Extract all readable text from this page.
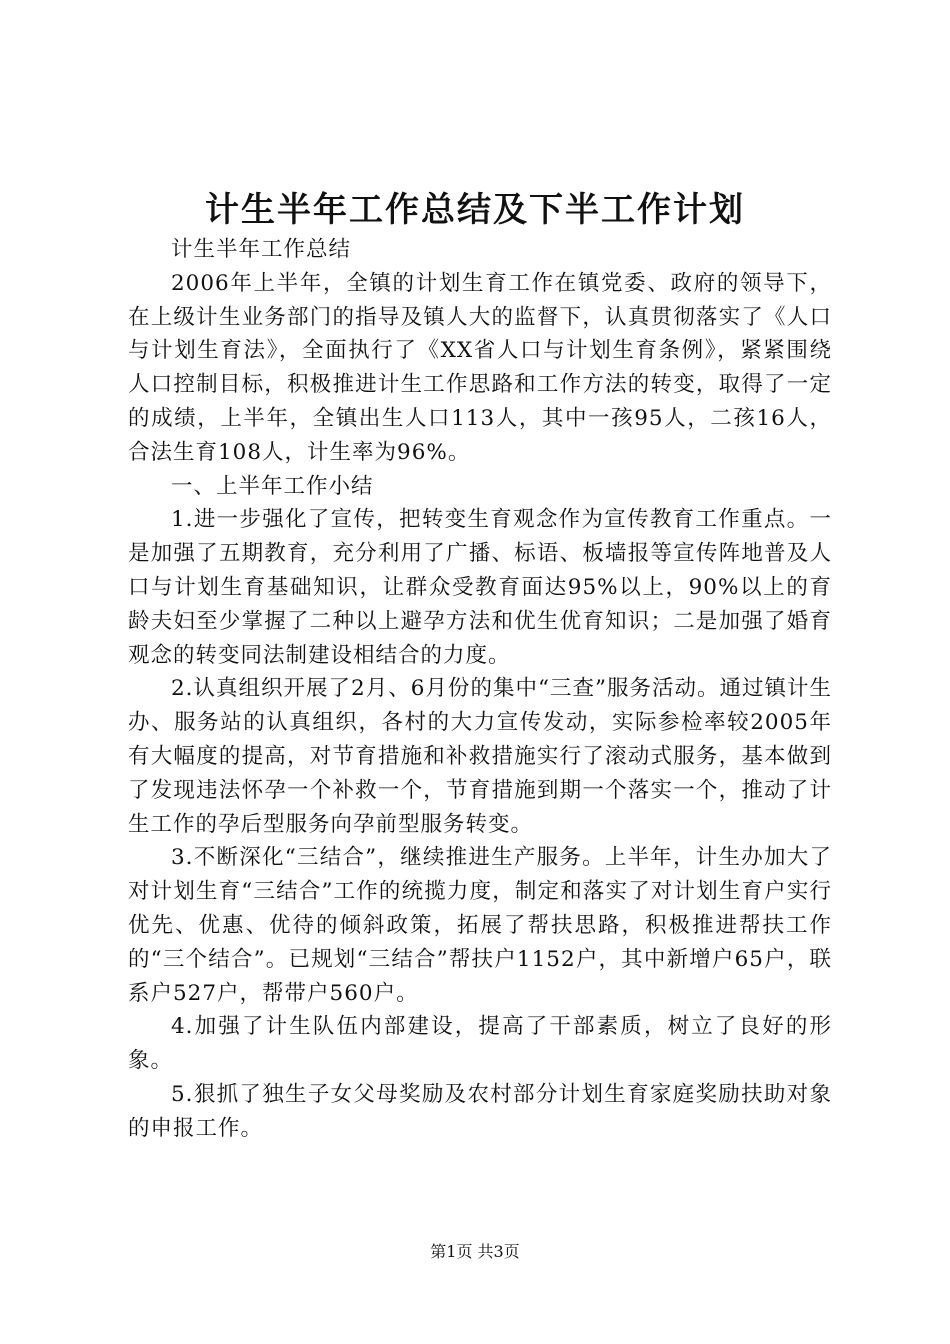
计生半年工作总结及下半工作计划

计生半年工作总结

2006年上半年，全镇的计划生育工作在镇党委、政府的领导下，在上级计生业务部门的指导及镇人大的监督下，认真贯彻落实了《人口与计划生育法》，全面执行了《XX省人口与计划生育条例》，紧紧围绕人口控制目标，积极推进计生工作思路和工作方法的转变，取得了一定的成绩，上半年，全镇出生人口113人，其中一孩95人，二孩16人，合法生育108人，计生率为96%。

一、上半年工作小结

1.进一步强化了宣传，把转变生育观念作为宣传教育工作重点。一是加强了五期教育，充分利用了广播、标语、板墙报等宣传阵地普及人口与计划生育基础知识，让群众受教育面达95%以上，90%以上的育龄夫妇至少掌握了二种以上避孕方法和优生优育知识；二是加强了婚育观念的转变同法制建设相结合的力度。

2.认真组织开展了2月、6月份的集中“三查”服务活动。通过镇计生办、服务站的认真组织，各村的大力宣传发动，实际参检率较2005年有大幅度的提高，对节育措施和补救措施实行了滚动式服务，基本做到了发现违法怀孕一个补救一个，节育措施到期一个落实一个，推动了计生工作的孕后型服务向孕前型服务转变。

3.不断深化“三结合”，继续推进生产服务。上半年，计生办加大了对计划生育“三结合”工作的统揽力度，制定和落实了对计划生育户实行优先、优惠、优待的倾斜政策，拓展了帮扶思路，积极推进帮扶工作的“三个结合”。已规划“三结合”帮扶户1152户，其中新增户65户，联系户527户，帮带户560户。

4.加强了计生队伍内部建设，提高了干部素质，树立了良好的形象。

5.狠抓了独生子女父母奖励及农村部分计划生育家庭奖励扶助对象的申报工作。

第1页 共3页
